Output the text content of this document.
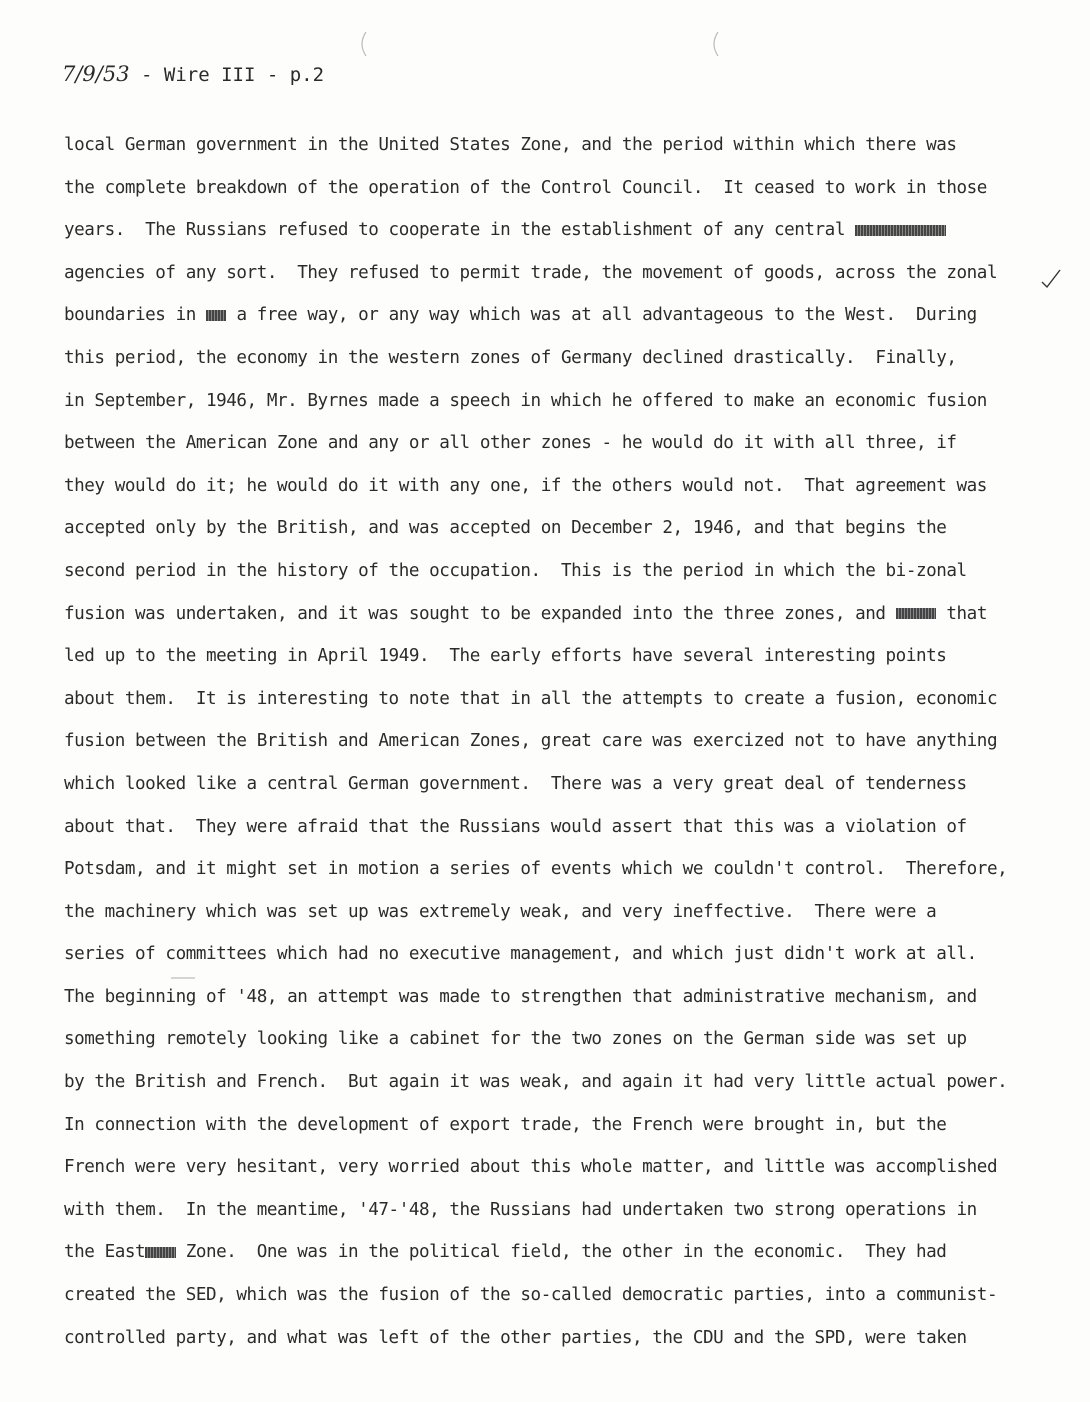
7/9/53 - Wire III - p.2
local German government in the United States Zone, and the period within which there was
the complete breakdown of the operation of the Control Council.  It ceased to work in those
years.  The Russians refused to cooperate in the establishment of any central
agencies of any sort.  They refused to permit trade, the movement of goods, across the zonal
boundaries in  a free way, or any way which was at all advantageous to the West.  During
this period, the economy in the western zones of Germany declined drastically.  Finally,
in September, 1946, Mr. Byrnes made a speech in which he offered to make an economic fusion
between the American Zone and any or all other zones - he would do it with all three, if
they would do it; he would do it with any one, if the others would not.  That agreement was
accepted only by the British, and was accepted on December 2, 1946, and that begins the
second period in the history of the occupation.  This is the period in which the bi-zonal
fusion was undertaken, and it was sought to be expanded into the three zones, and  that
led up to the meeting in April 1949.  The early efforts have several interesting points
about them.  It is interesting to note that in all the attempts to create a fusion, economic
fusion between the British and American Zones, great care was exercized not to have anything
which looked like a central German government.  There was a very great deal of tenderness
about that.  They were afraid that the Russians would assert that this was a violation of
Potsdam, and it might set in motion a series of events which we couldn't control.  Therefore,
the machinery which was set up was extremely weak, and very ineffective.  There were a
series of committees which had no executive management, and which just didn't work at all.
The beginning of '48, an attempt was made to strengthen that administrative mechanism, and
something remotely looking like a cabinet for the two zones on the German side was set up
by the British and French.  But again it was weak, and again it had very little actual power.
In connection with the development of export trade, the French were brought in, but the
French were very hesitant, very worried about this whole matter, and little was accomplished
with them.  In the meantime, '47-'48, the Russians had undertaken two strong operations in
the East Zone.  One was in the political field, the other in the economic.  They had
created the SED, which was the fusion of the so-called democratic parties, into a communist-
controlled party, and what was left of the other parties, the CDU and the SPD, were taken
